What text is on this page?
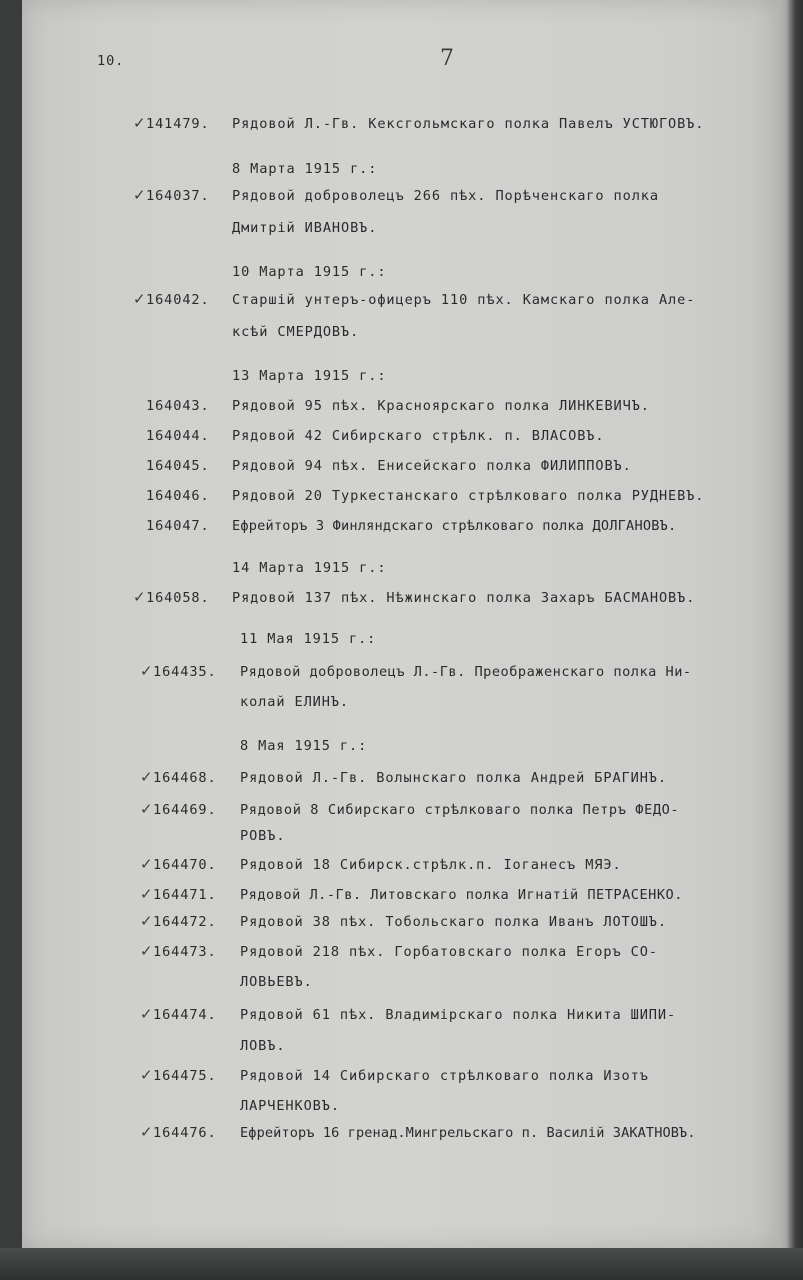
10.	7
✓ 141479. Рядовой Л.-Гв. Кексгольмскаго полка Павелъ УСТЮГОВЪ.
8 Марта 1915 г.:
✓ 164037. Рядовой доброволецъ 266 пѣх. Порѣченскаго полка
Дмитрій ИВАНОВЪ.
10 Марта 1915 г.:
✓ 164042. Старшій унтеръ-офицеръ 110 пѣх. Камскаго полка Але-
ксѣй СМЕРДОВЪ.
13 Марта 1915 г.:
164043. Рядовой 95 пѣх. Красноярскаго полка ЛИНКЕВИЧЪ.
164044. Рядовой 42 Сибирскаго стрѣлк. п. ВЛАСОВЪ.
164045. Рядовой 94 пѣх. Енисейскаго полка ФИЛИППОВЪ.
164046. Рядовой 20 Туркестанскаго стрѣлковаго полка РУДНЕВЪ.
164047. Ефрейторъ 3 Финляндскаго стрѣлковаго полка ДОЛГАНОВЪ.
14 Марта 1915 г.:
✓ 164058. Рядовой 137 пѣх. Нѣжинскаго полка Захаръ БАСМАНОВЪ.
11 Мая 1915 г.:
✓ 164435. Рядовой доброволецъ Л.-Гв. Преображенскаго полка Ни-
колай ЕЛИНЪ.
8 Мая 1915 г.:
✓ 164468. Рядовой Л.-Гв. Волынскаго полка Андрей БРАГИНЪ.
✓ 164469. Рядовой 8 Сибирскаго стрѣлковаго полка Петръ ФЕДО-
РОВЪ.
✓ 164470. Рядовой 18 Сибирск.стрѣлк.п. Іоганесъ МЯЭ.
✓ 164471. Рядовой Л.-Гв. Литовскаго полка Игнатій ПЕТРАСЕНКО.
✓ 164472. Рядовой 38 пѣх. Тобольскаго полка Иванъ ЛОТОШЪ.
✓ 164473. Рядовой 218 пѣх. Горбатовскаго полка Егоръ СО-
ЛОВЬЕВЪ.
✓ 164474. Рядовой 61 пѣх. Владимірскаго полка Никита ШИПИ-
ЛОВЪ.
✓ 164475. Рядовой 14 Сибирскаго стрѣлковаго полка Изотъ
ЛАРЧЕНКОВЪ.
✓ 164476. Ефрейторъ 16 гренад.Мингрельскаго п. Василій ЗАКАТНОВЪ.
